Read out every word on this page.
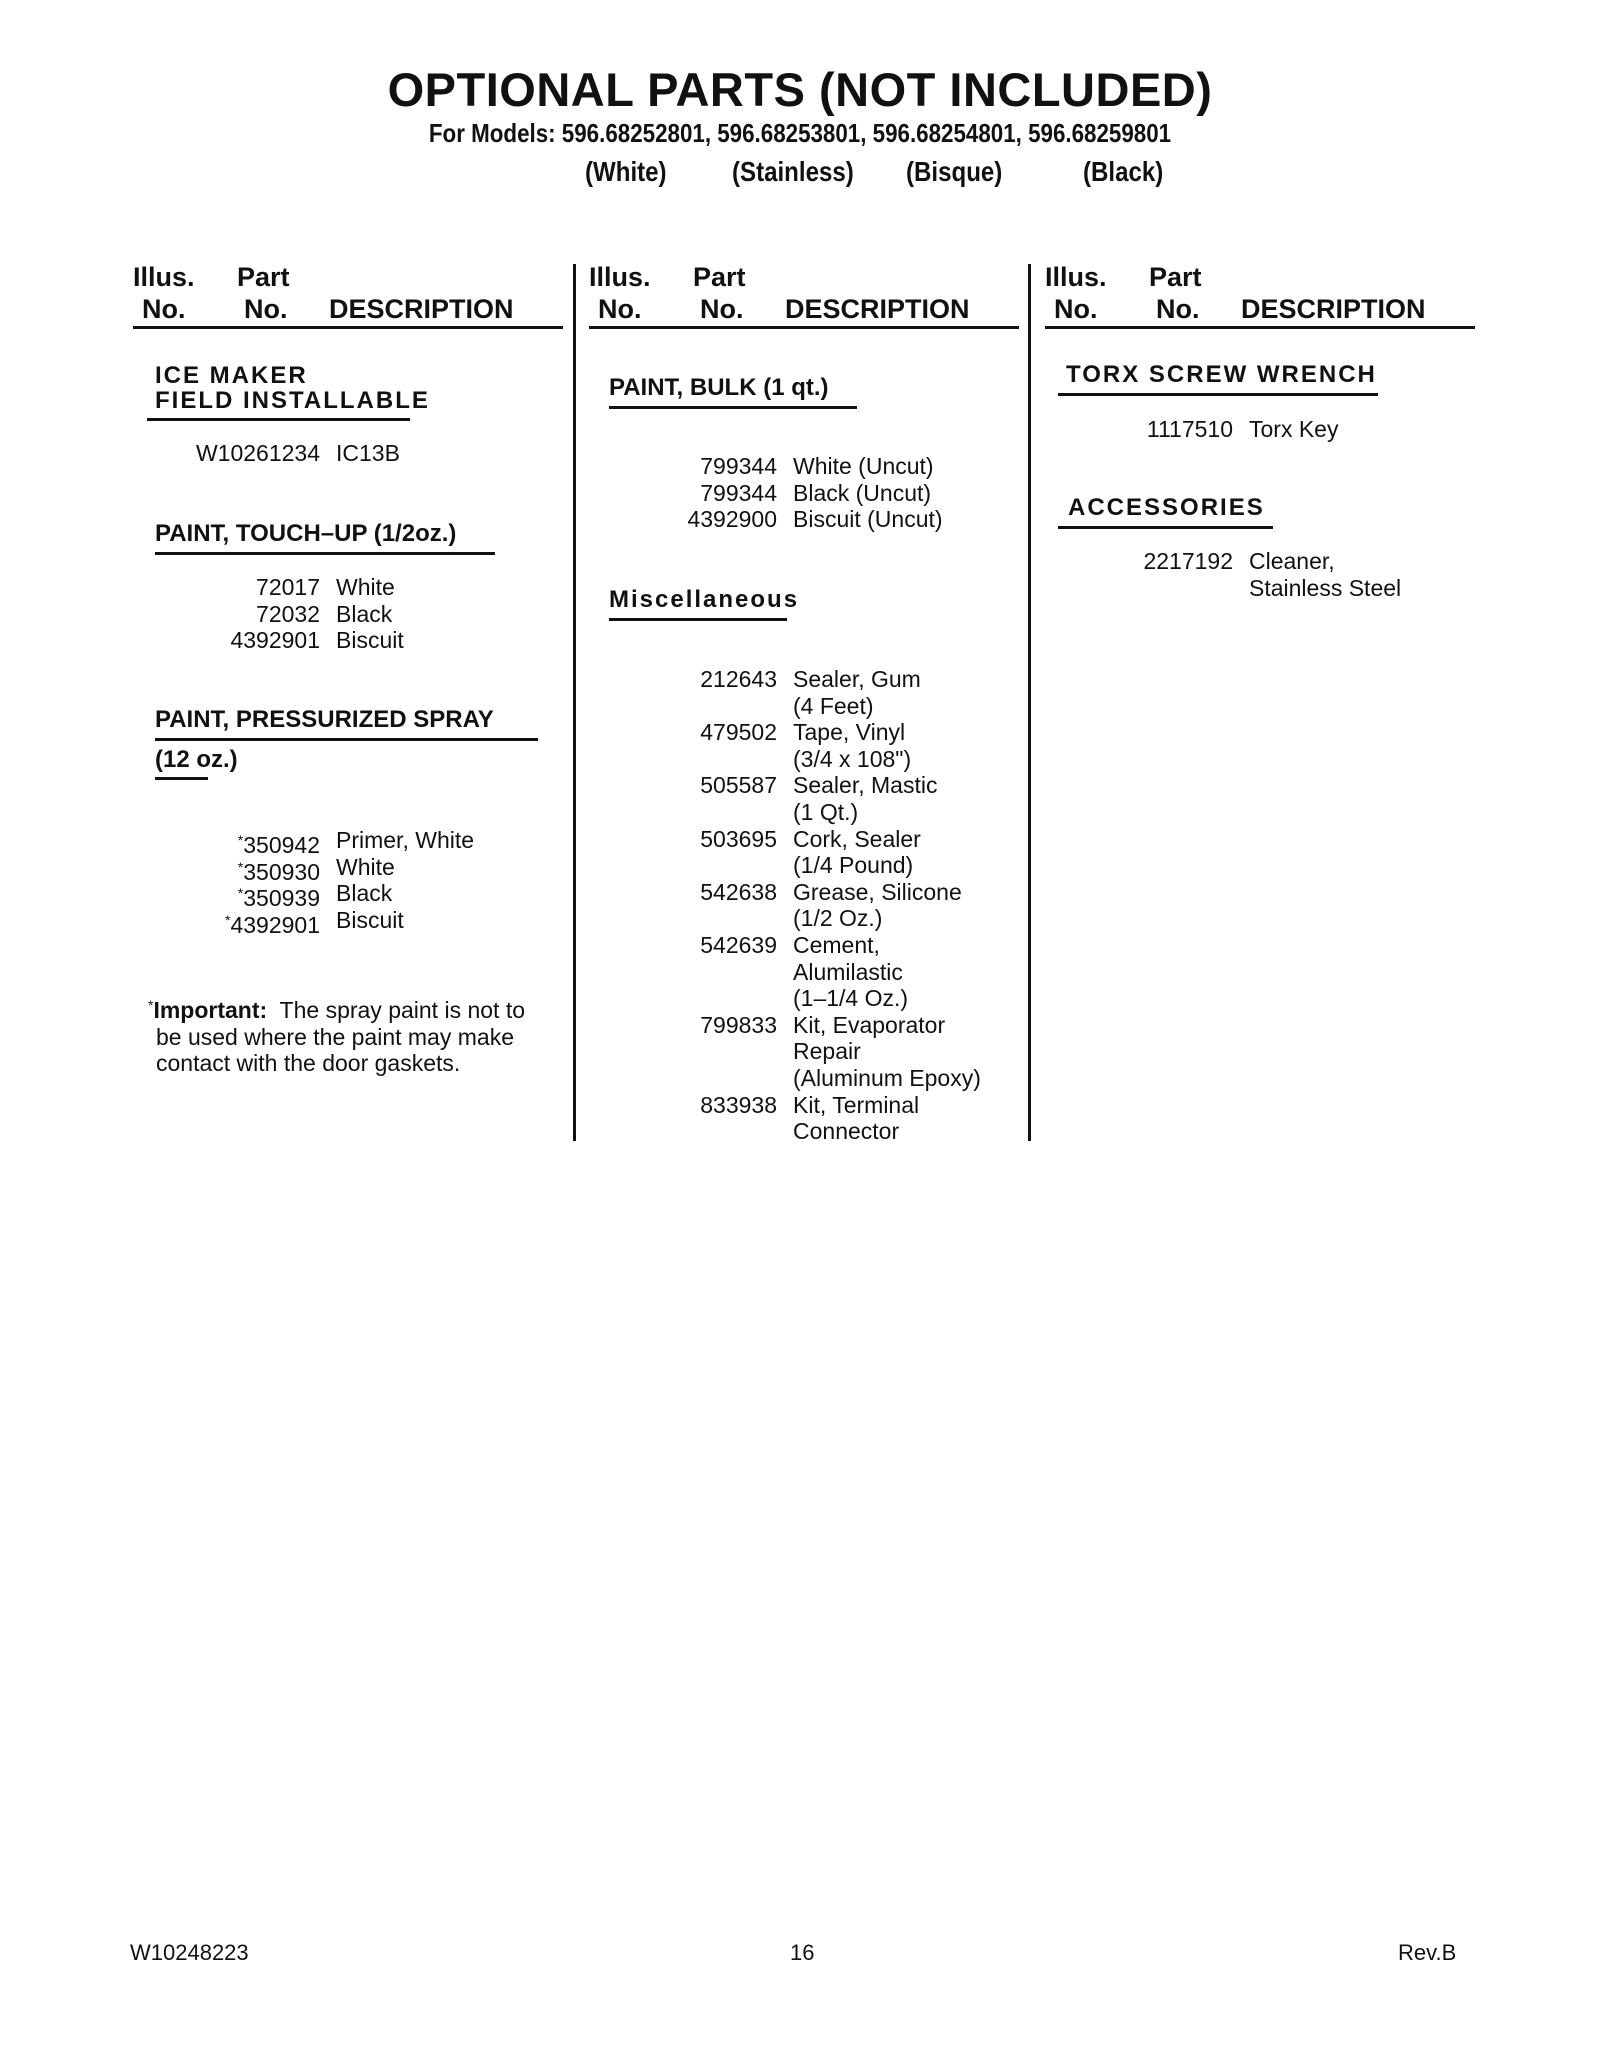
OPTIONAL PARTS (NOT INCLUDED)
For Models: 596.68252801, 596.68253801, 596.68254801, 596.68259801
(White) (Stainless) (Bisque)	(Black)
Illus. Part
No. No. DESCRIPTION
Illus. Part
No. No. DESCRIPTION
Illus. Part
No. No. DESCRIPTION
ICE MAKER
FIELD INSTALLABLE
W10261234 IC13B
PAINT, TOUCH–UP (1/2oz.)
72017 White
72032 Black
4392901 Biscuit
PAINT, PRESSURIZED SPRAY
(12 oz.)
*350942 Primer, White
*350930 White
*350939 Black
*4392901 Biscuit
*Important: The spray paint is not to be used where the paint may make contact with the door gaskets.
PAINT, BULK (1 qt.)
799344 White (Uncut)
799344 Black (Uncut)
4392900 Biscuit (Uncut)
Miscellaneous
212643 Sealer, Gum
(4 Feet)
479502 Tape, Vinyl
(3/4 x 108")
505587 Sealer, Mastic
(1 Qt.)
503695 Cork, Sealer
(1/4 Pound)
542638 Grease, Silicone
(1/2 Oz.)
542639 Cement,
Alumilastic
(1–1/4 Oz.)
799833 Kit, Evaporator
Repair
(Aluminum Epoxy)
833938 Kit, Terminal
Connector
TORX SCREW WRENCH
1117510 Torx Key
ACCESSORIES
2217192 Cleaner,
Stainless Steel
W10248223	16	Rev.B
